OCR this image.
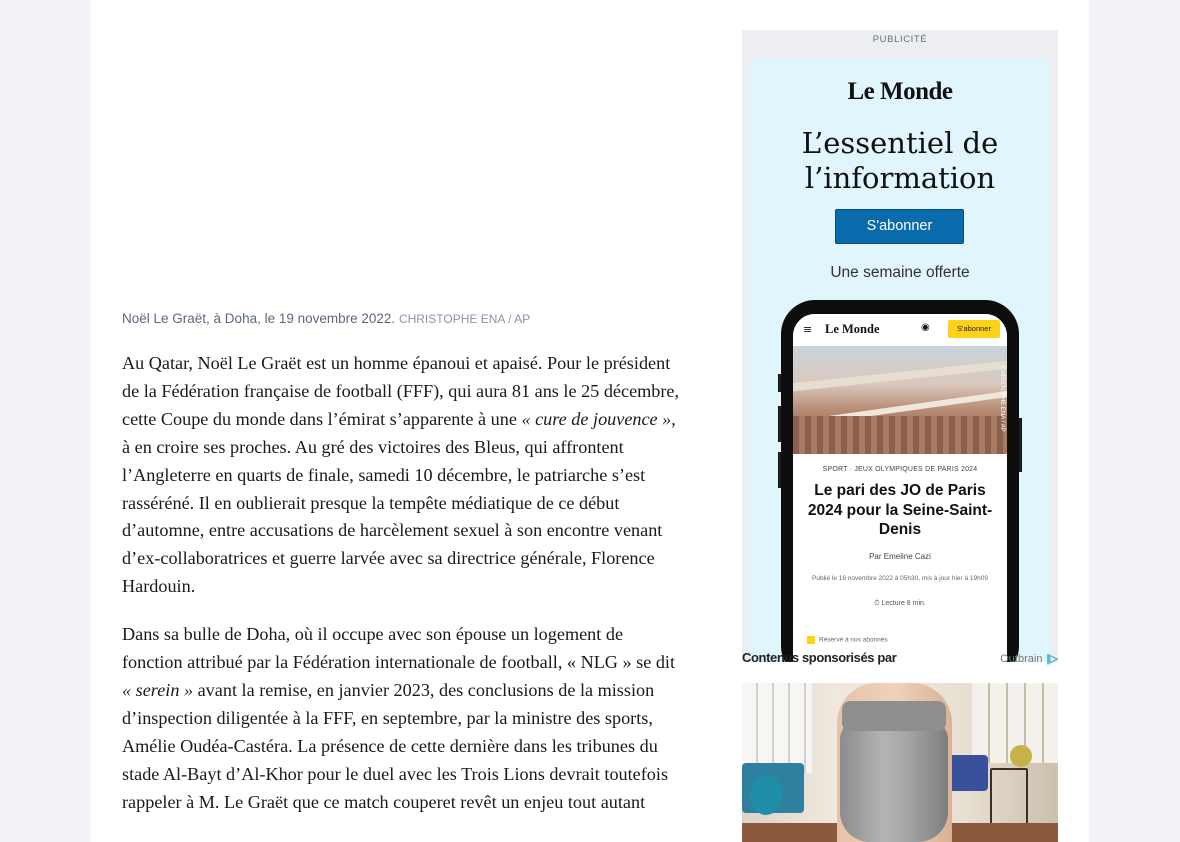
Noël Le Graët, à Doha, le 19 novembre 2022. CHRISTOPHE ENA / AP

Au Qatar, Noël Le Graët est un homme épanoui et apaisé. Pour le président de la Fédération française de football (FFF), qui aura 81 ans le 25 décembre, cette Coupe du monde dans l’émirat s’apparente à une « cure de jouvence », à en croire ses proches. Au gré des victoires des Bleus, qui affrontent l’Angleterre en quarts de finale, samedi 10 décembre, le patriarche s’est rasséréné. Il en oublierait presque la tempête médiatique de ce début d’automne, entre accusations de harcèlement sexuel à son encontre venant d’ex-collaboratrices et guerre larvée avec sa directrice générale, Florence Hardouin.

Dans sa bulle de Doha, où il occupe avec son épouse un logement de fonction attribué par la Fédération internationale de football, « NLG » se dit « serein » avant la remise, en janvier 2023, des conclusions de la mission d’inspection diligentée à la FFF, en septembre, par la ministre des sports, Amélie Oudéa-Castéra. La présence de cette dernière dans les tribunes du stade Al-Bayt d’Al-Khor pour le duel avec les Trois Lions devrait toutefois rappeler à M. Le Graët que ce match couperet revêt un enjeu tout autant

PUBLICITÉ
Le Monde
L’essentiel de
l’information
S'abonner
Une semaine offerte
≡ Le Monde	◉	S'abonner
CHRISTOPHE ENA / AP
SPORT · JEUX OLYMPIQUES DE PARIS 2024
Le pari des JO de Paris 2024 pour la Seine-Saint-Denis
Par Emeline Cazi
Publié le 16 novembre 2022 à 05h30, mis à jour hier à 19h09
⏱ Lecture 8 min.
Réservé à nos abonnés
Contenus sponsorisés par	Outbrain |▷
